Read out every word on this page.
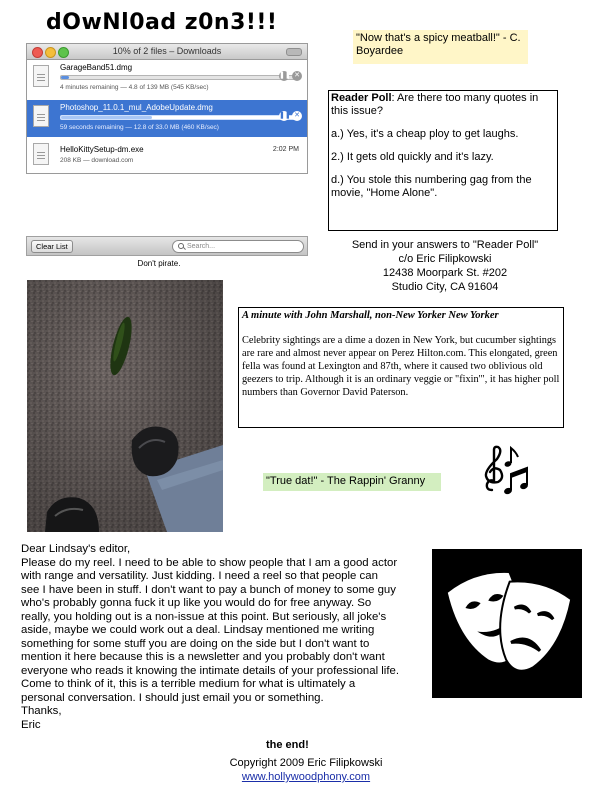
dOwNl0ad z0n3!!!
10% of 2 files – Downloads
GarageBand51.dmg
4 minutes remaining — 4.8 of 139 MB (545 KB/sec)
❚❚ ✕
Photoshop_11.0.1_mul_AdobeUpdate.dmg
59 seconds remaining — 12.8 of 33.0 MB (460 KB/sec)
❚❚ ✕
HelloKittySetup-dm.exe
208 KB — download.com
2:02 PM
Clear List	Search...
Don't pirate.
"Now that's a spicy meatball!" - C. Boyardee

Reader Poll: Are there too many quotes in this issue?

a.) Yes, it's a cheap ploy to get laughs.

2.) It gets old quickly and it's lazy.

d.) You stole this numbering gag from the movie, "Home Alone".

Send in your answers to "Reader Poll"
c/o Eric Filipkowski
12438 Moorpark St. #202
Studio City, CA 91604
A minute with John Marshall, non-New Yorker New Yorker
Celebrity sightings are a dime a dozen in New York, but cucumber sightings are rare and almost never appear on Perez Hilton.com. This elongated, green fella was found at Lexington and 87th, where it caused two oblivious old geezers to trip. Although it is an ordinary veggie or "fixin'", it has higher poll numbers than Governor David Paterson.
"True dat!" - The Rappin' Granny
Dear Lindsay's editor,
Please do my reel. I need to be able to show people that I am a good actor with range and versatility. Just kidding. I need a reel so that people can see I have been in stuff. I don't want to pay a bunch of money to some guy who's probably gonna fuck it up like you would do for free anyway. So really, you holding out is a non-issue at this point. But seriously, all joke's aside, maybe we could work out a deal. Lindsay mentioned me writing something for some stuff you are doing on the side but I don't want to mention it here because this is a newsletter and you probably don't want everyone who reads it knowing the intimate details of your professional life. Come to think of it, this is a terrible medium for what is ultimately a personal conversation. I should just email you or something.
Thanks,
Eric
the end!
Copyright 2009 Eric Filipkowski
www.hollywoodphony.com
